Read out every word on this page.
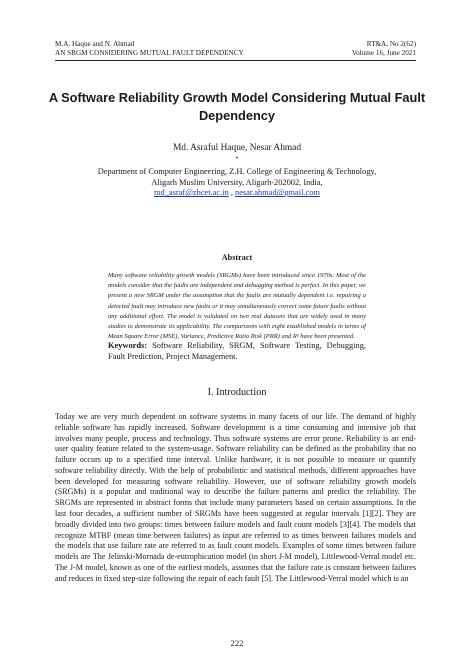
M.A. Haque and N. Ahmad	RT&A, No 2(62)
AN SRGM CONSIDERING MUTUAL FAULT DEPENDENCY	Volume 16, June 2021
A Software Reliability Growth Model Considering Mutual Fault Dependency
Md. Asraful Haque, Nesar Ahmad
•
Department of Computer Engineering, Z.H. College of Engineering & Technology,
Aligarh Muslim University, Aligarh-202002, India,
md_asraf@zhcet.ac.in , nesar.ahmad@gmail.com
Abstract
Many software reliability growth models (SRGMs) have been introduced since 1970s. Most of the models consider that the faults are independent and debugging method is perfect. In this paper, we present a new SRGM under the assumption that the faults are mutually dependent i.e. repairing a detected fault may introduce new faults or it may simultaneously correct some future faults without any additional effort. The model is validated on two real datasets that are widely used in many studies to demonstrate its applicability. The comparisons with eight established models in terms of Mean Square Error (MSE), Variance, Predictive Ratio Risk (PRR) and R² have been presented.
Keywords: Software Reliability, SRGM, Software Testing, Debugging, Fault Prediction, Project Management.
I. Introduction
Today we are very much dependent on software systems in many facets of our life. The demand of highly reliable software has rapidly increased. Software development is a time consuming and intensive job that involves many people, process and technology. Thus software systems are error prone. Reliability is an end-user quality feature related to the system-usage. Software reliability can be defined as the probability that no failure occurs up to a specified time interval. Unlike hardware, it is not possible to measure or quantify software reliability directly. With the help of probabilistic and statistical methods, different approaches have been developed for measuring software reliability. However, use of software reliability growth models (SRGMs) is a popular and traditional way to describe the failure patterns and predict the reliability. The SRGMs are represented in abstract forms that include many parameters based on certain assumptions. In the last four decades, a sufficient number of SRGMs have been suggested at regular intervals [1][2]. They are broadly divided into two groups: times between failure models and fault count models [3][4]. The models that recognize MTBF (mean time between failures) as input are referred to as times between failures models and the models that use failure rate are referred to as fault count models. Examples of some times between failure models are The Jelinski-Mornada de-eutrophication model (in short J-M model), Littlewood-Verral model etc. The J-M model, known as one of the earliest models, assumes that the failure rate is constant between failures and reduces in fixed step-size following the repair of each fault [5]. The Littlewood-Verral model which is an
222
